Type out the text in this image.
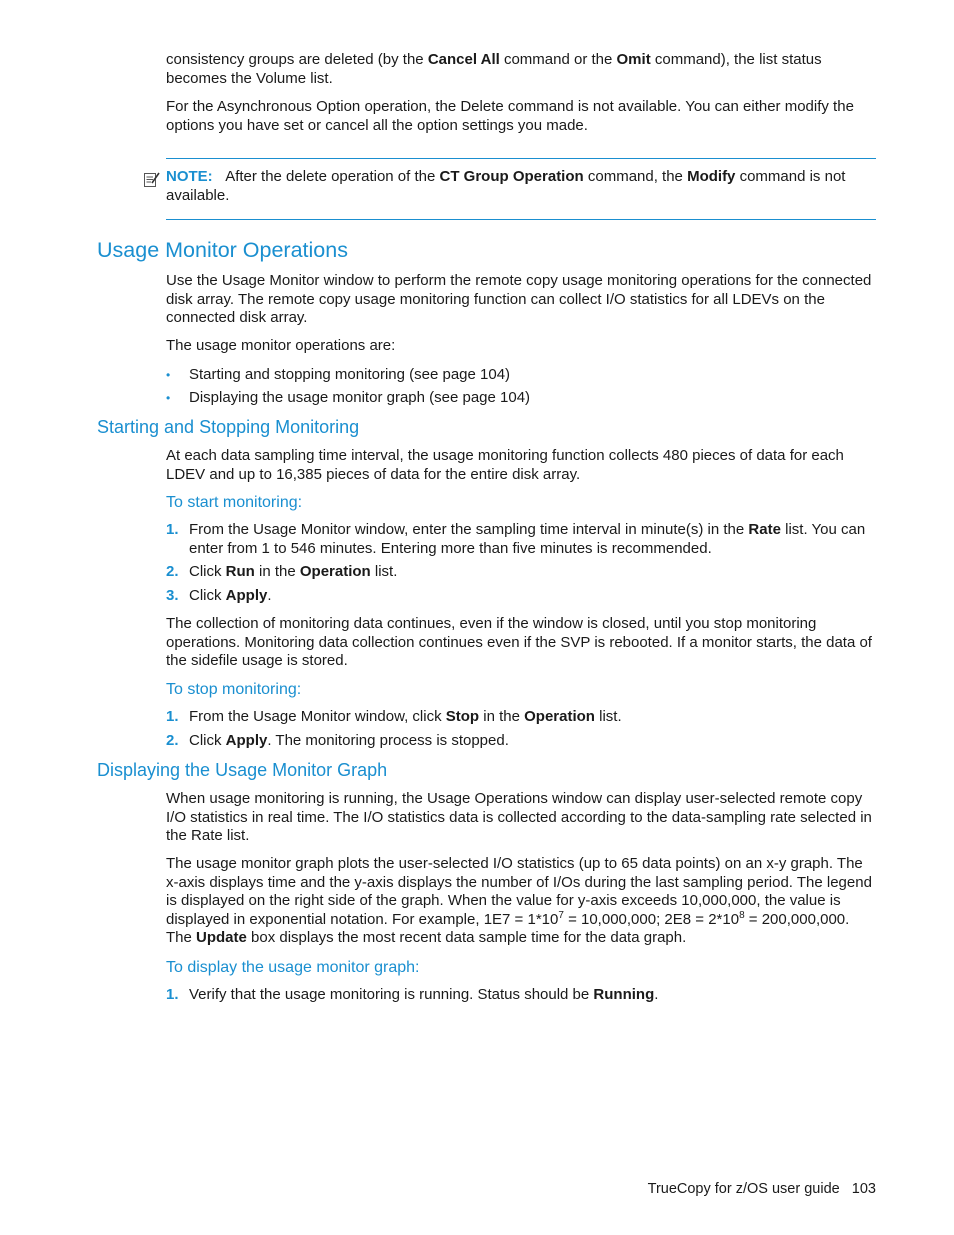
consistency groups are deleted (by the Cancel All command or the Omit command), the list status becomes the Volume list.
For the Asynchronous Option operation, the Delete command is not available. You can either modify the options you have set or cancel all the option settings you made.
NOTE: After the delete operation of the CT Group Operation command, the Modify command is not available.
Usage Monitor Operations
Use the Usage Monitor window to perform the remote copy usage monitoring operations for the connected disk array. The remote copy usage monitoring function can collect I/O statistics for all LDEVs on the connected disk array.
The usage monitor operations are:
• Starting and stopping monitoring (see page 104)
• Displaying the usage monitor graph (see page 104)
Starting and Stopping Monitoring
At each data sampling time interval, the usage monitoring function collects 480 pieces of data for each LDEV and up to 16,385 pieces of data for the entire disk array.
To start monitoring:
1. From the Usage Monitor window, enter the sampling time interval in minute(s) in the Rate list. You can enter from 1 to 546 minutes. Entering more than five minutes is recommended.
2. Click Run in the Operation list.
3. Click Apply.
The collection of monitoring data continues, even if the window is closed, until you stop monitoring operations. Monitoring data collection continues even if the SVP is rebooted. If a monitor starts, the data of the sidefile usage is stored.
To stop monitoring:
1. From the Usage Monitor window, click Stop in the Operation list.
2. Click Apply. The monitoring process is stopped.
Displaying the Usage Monitor Graph
When usage monitoring is running, the Usage Operations window can display user-selected remote copy I/O statistics in real time. The I/O statistics data is collected according to the data-sampling rate selected in the Rate list.
The usage monitor graph plots the user-selected I/O statistics (up to 65 data points) on an x-y graph. The x-axis displays time and the y-axis displays the number of I/Os during the last sampling period. The legend is displayed on the right side of the graph. When the value for y-axis exceeds 10,000,000, the value is displayed in exponential notation. For example, $1E7 = 1*10^7 = 10,000,000$; $2E8 = 2*10^8 = 200,000,000$. The Update box displays the most recent data sample time for the data graph.
To display the usage monitor graph:
1. Verify that the usage monitoring is running. Status should be Running.
TrueCopy for z/OS user guide 103
